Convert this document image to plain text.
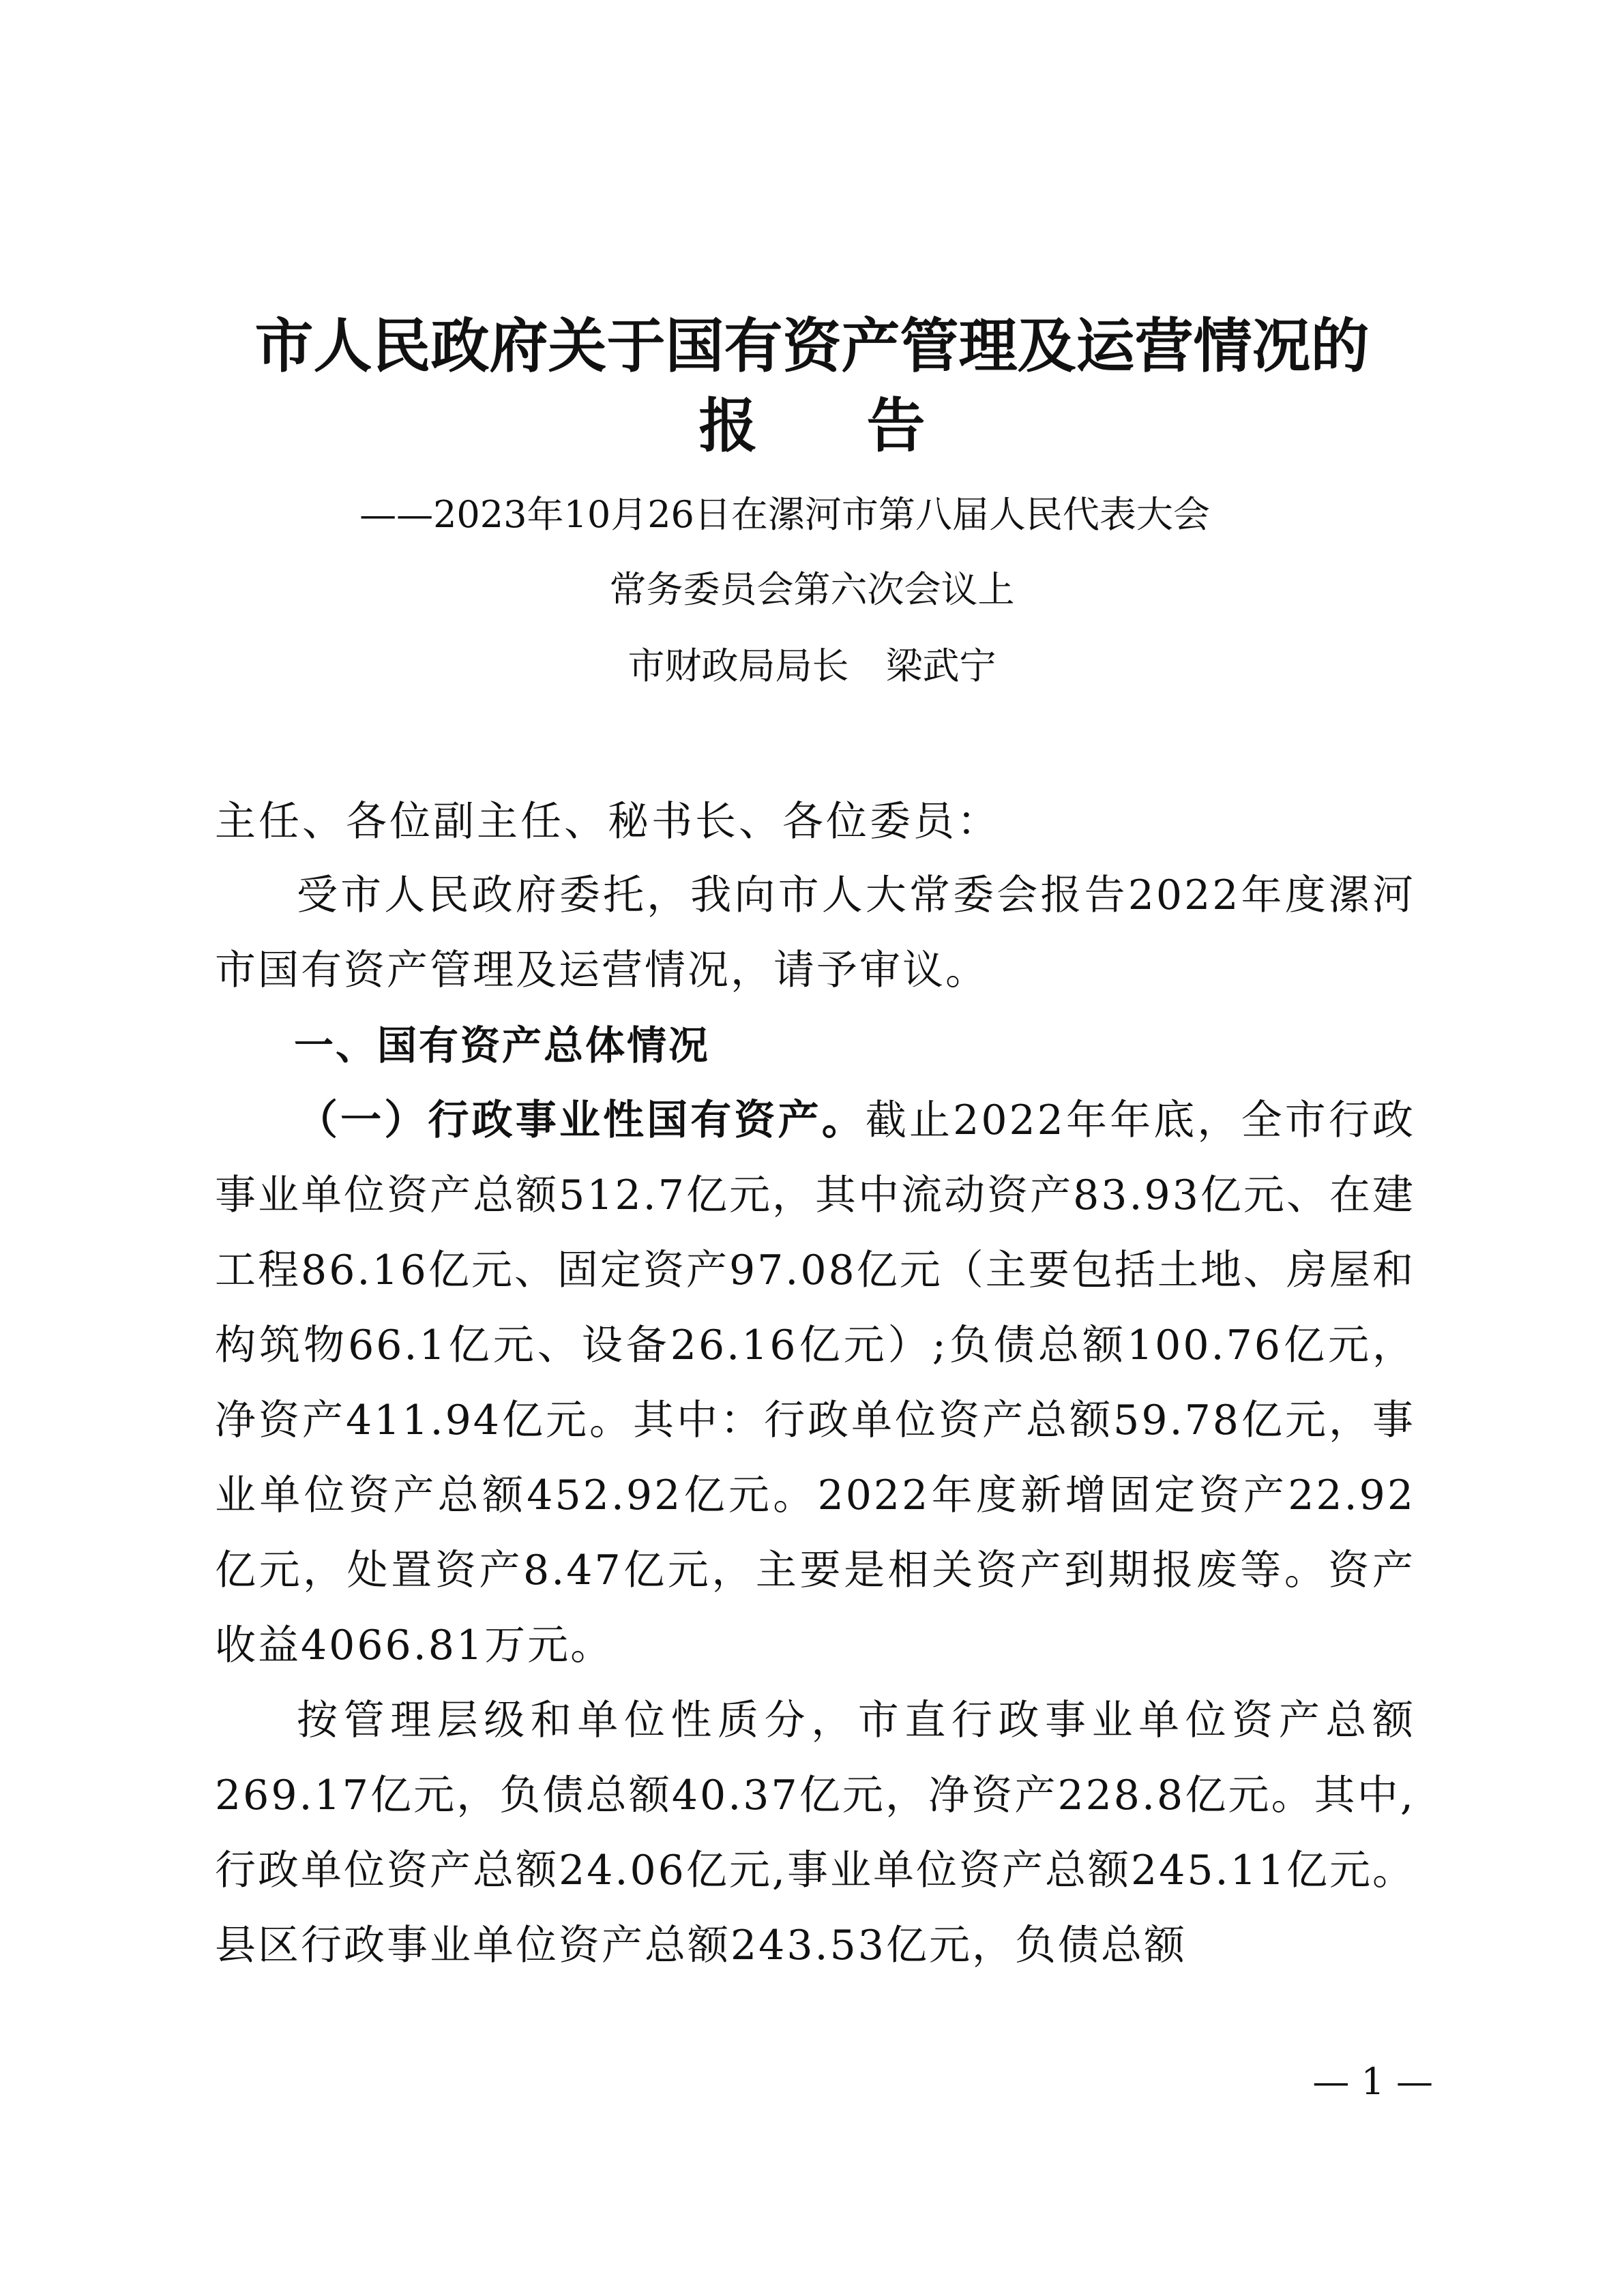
市人民政府关于国有资产管理及运营情况的
报告

——2023年10月26日在漯河市第八届人民代表大会

常务委员会第六次会议上

市财政局局长　梁武宁

主任、各位副主任、秘书长、各位委员：

受市人民政府委托，我向市人大常委会报告2022年度漯河市国有资产管理及运营情况，请予审议。

一、国有资产总体情况

（一）行政事业性国有资产。截止2022年年底，全市行政事业单位资产总额512.7亿元，其中流动资产83.93亿元、在建工程86.16亿元、固定资产97.08亿元（主要包括土地、房屋和构筑物66.1亿元、设备26.16亿元）;负债总额100.76亿元，净资产411.94亿元。其中：行政单位资产总额59.78亿元，事业单位资产总额452.92亿元。2022年度新增固定资产22.92亿元，处置资产8.47亿元，主要是相关资产到期报废等。资产收益4066.81万元。

按管理层级和单位性质分，市直行政事业单位资产总额269.17亿元，负债总额40.37亿元，净资产228.8亿元。其中,行政单位资产总额24.06亿元,事业单位资产总额245.11亿元。县区行政事业单位资产总额243.53亿元，负债总额

— 1 —
